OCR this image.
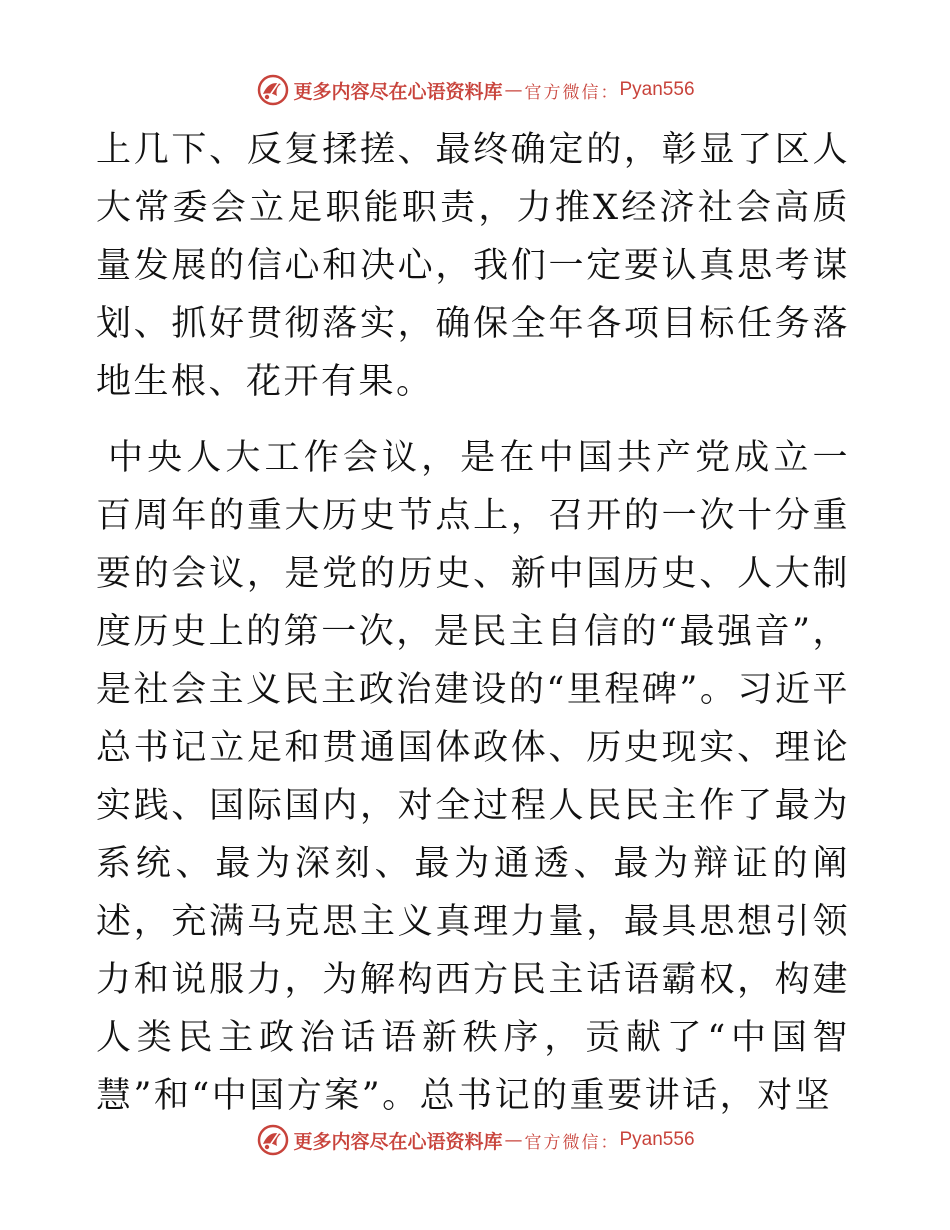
更多内容尽在心语资料库 — 官方微信： Pyan556

上几下、反复揉搓、最终确定的，彰显了区人大常委会立足职能职责，力推X经济社会高质量发展的信心和决心，我们一定要认真思考谋划、抓好贯彻落实，确保全年各项目标任务落地生根、花开有果。

中央人大工作会议，是在中国共产党成立一百周年的重大历史节点上，召开的一次十分重要的会议，是党的历史、新中国历史、人大制度历史上的第一次，是民主自信的“最强音”，是社会主义民主政治建设的“里程碑”。习近平总书记立足和贯通国体政体、历史现实、理论实践、国际国内，对全过程人民民主作了最为系统、最为深刻、最为通透、最为辩证的阐述，充满马克思主义真理力量，最具思想引领力和说服力，为解构西方民主话语霸权，构建人类民主政治话语新秩序，贡献了“中国智慧”和“中国方案”。总书记的重要讲话，对坚

更多内容尽在心语资料库 — 官方微信： Pyan556
